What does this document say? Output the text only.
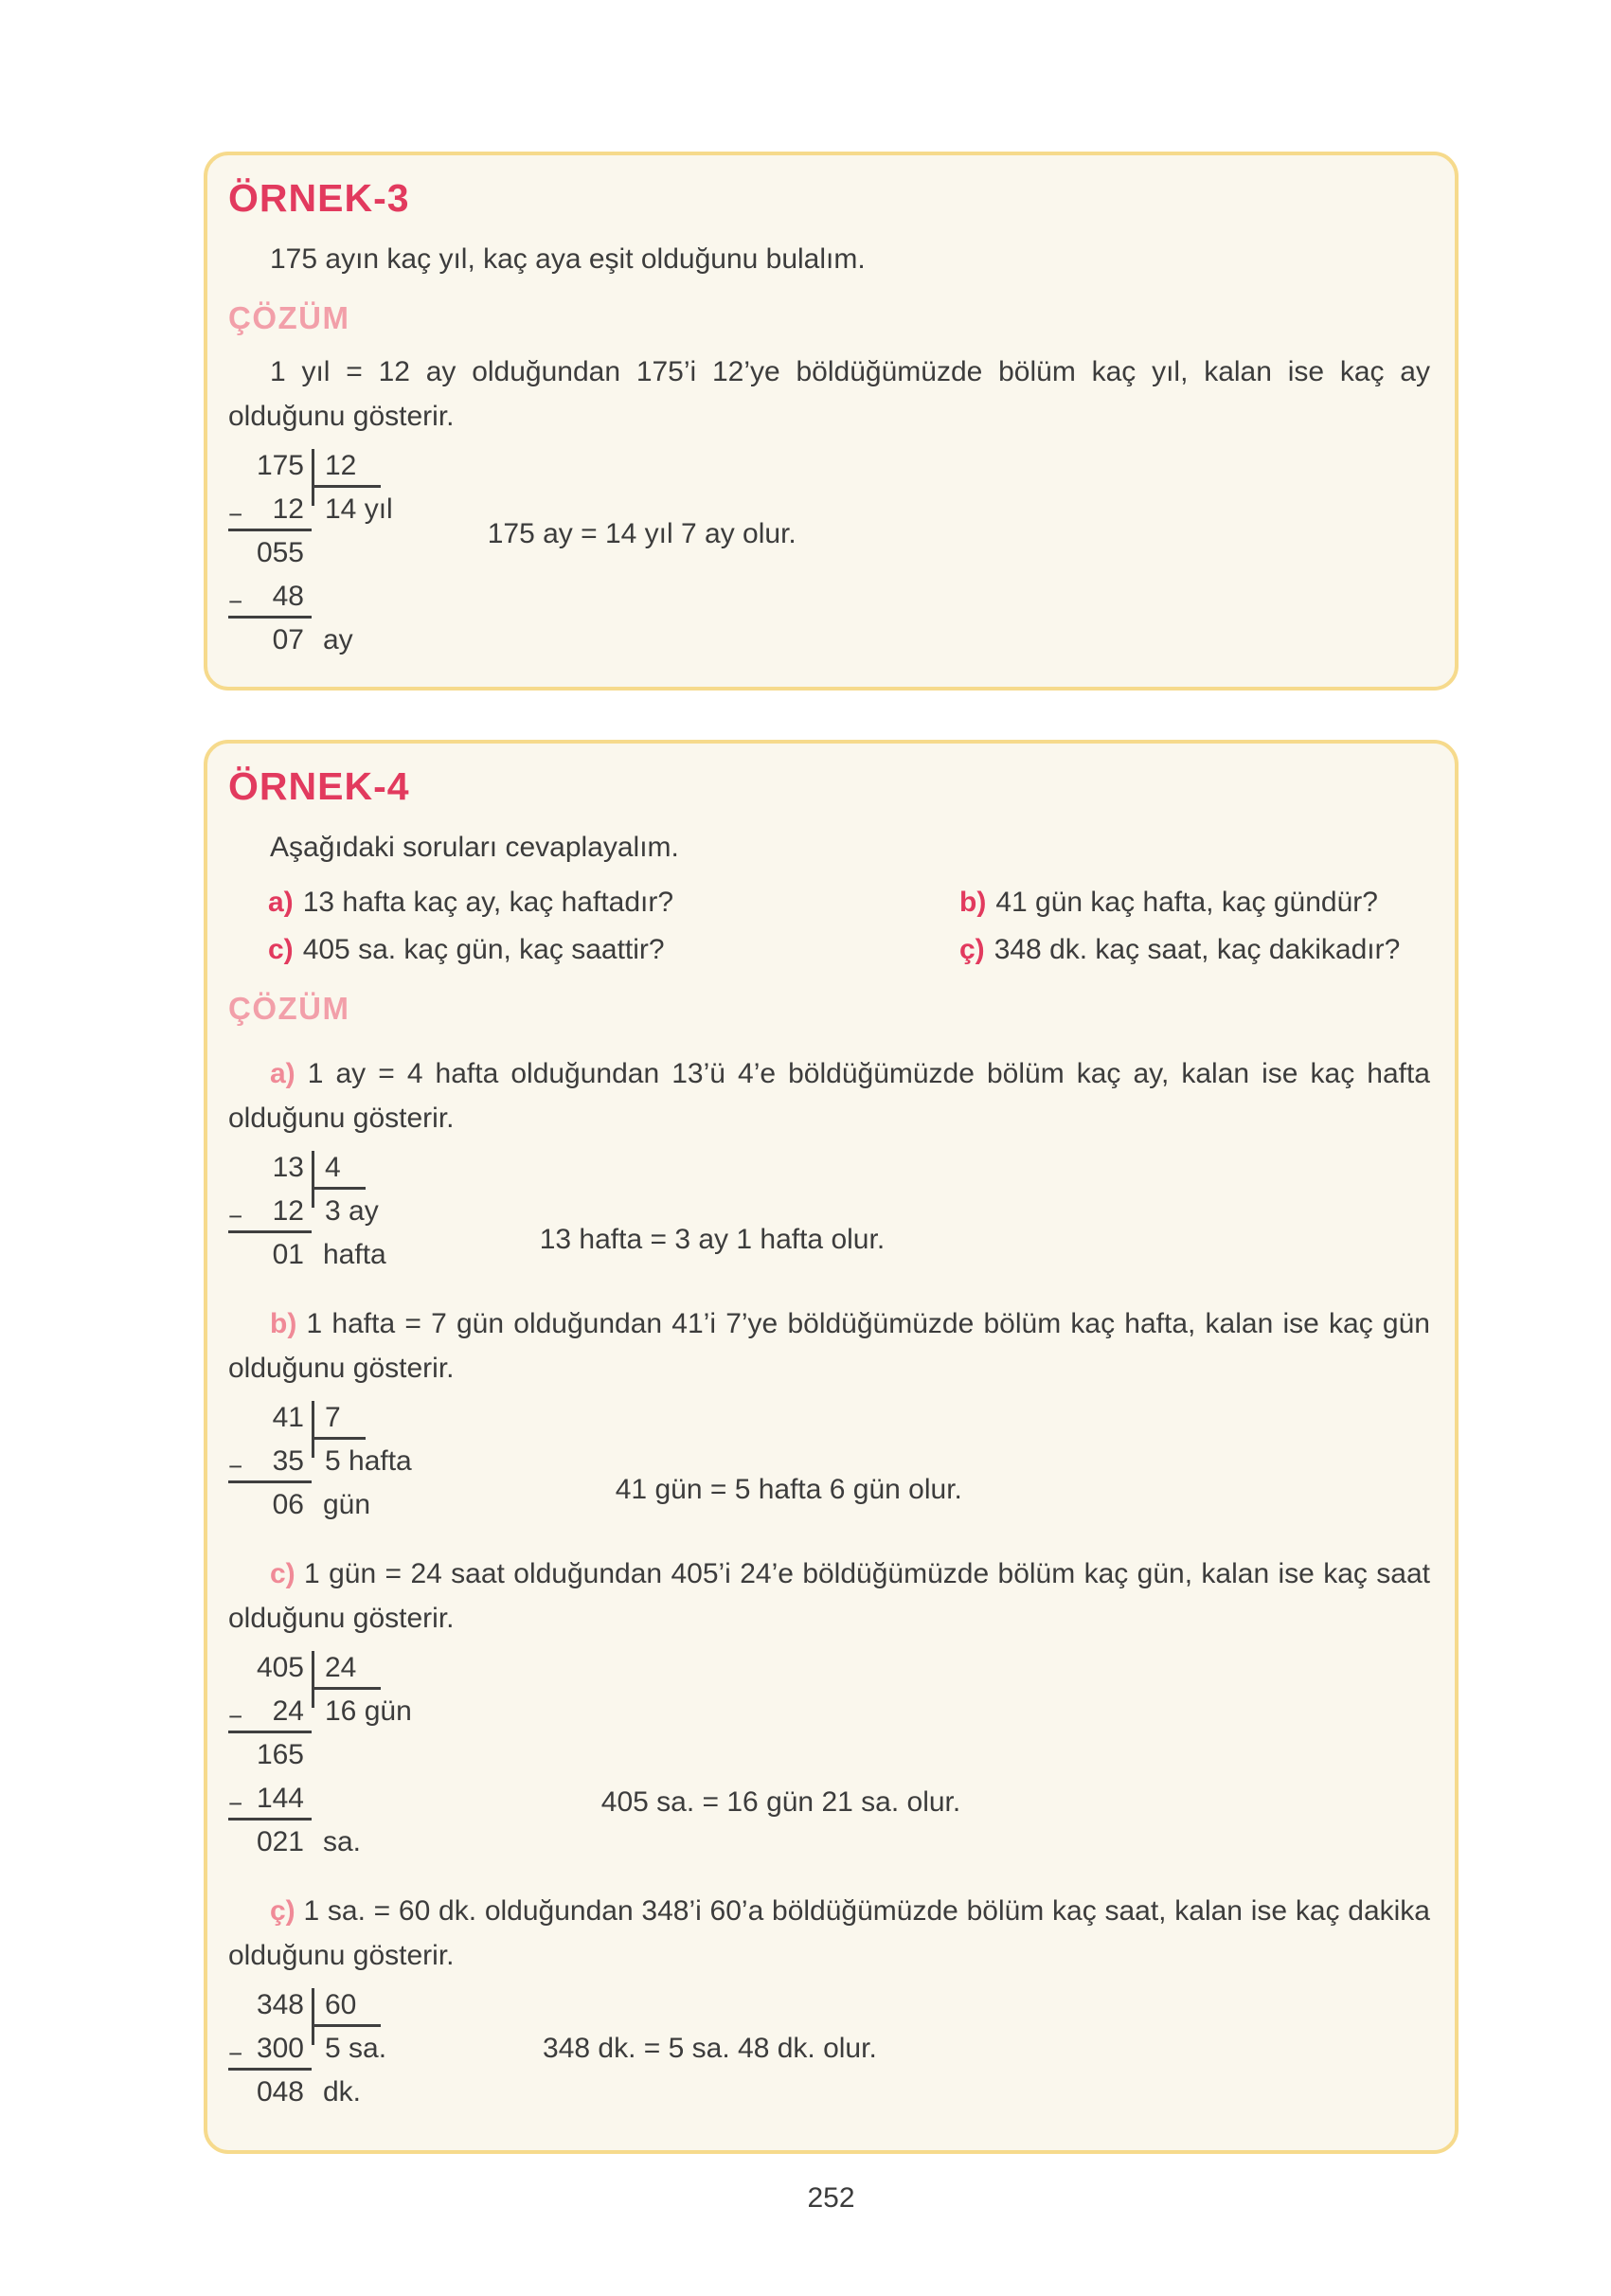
ÖRNEK-3

175 ayın kaç yıl, kaç aya eşit olduğunu bulalım.

ÇÖZÜM

1 yıl = 12 ay olduğundan 175’i 12’ye böldüğümüzde bölüm kaç yıl, kalan ise kaç ay olduğunu gösterir.

175
− 12
055
− 48
07 ay
12
14 yıl

175 ay = 14 yıl 7 ay olur.

ÖRNEK-4

Aşağıdaki soruları cevaplayalım.

a) 13 hafta kaç ay, kaç haftadır?	b) 41 gün kaç hafta, kaç gündür?
c) 405 sa. kaç gün, kaç saattir?	ç) 348 dk. kaç saat, kaç dakikadır?
ÇÖZÜM

a) 1 ay = 4 hafta olduğundan 13’ü 4’e böldüğümüzde bölüm kaç ay, kalan ise kaç hafta olduğunu gösterir.

13
− 12
01 hafta
4
3 ay

13 hafta = 3 ay 1 hafta olur.

b) 1 hafta = 7 gün olduğundan 41’i 7’ye böldüğümüzde bölüm kaç hafta, kalan ise kaç gün olduğunu gösterir.

41
− 35
06 gün
7
5 hafta

41 gün = 5 hafta 6 gün olur.

c) 1 gün = 24 saat olduğundan 405’i 24’e böldüğümüzde bölüm kaç gün, kalan ise kaç saat olduğunu gösterir.

405
− 24
165
− 144
021 sa.
24
16 gün

405 sa. = 16 gün 21 sa. olur.

ç) 1 sa. = 60 dk. olduğundan 348’i 60’a böldüğümüzde bölüm kaç saat, kalan ise kaç dakika olduğunu gösterir.

348
− 300
048 dk.
60
5 sa.	348 dk. = 5 sa. 48 dk. olur.

252
